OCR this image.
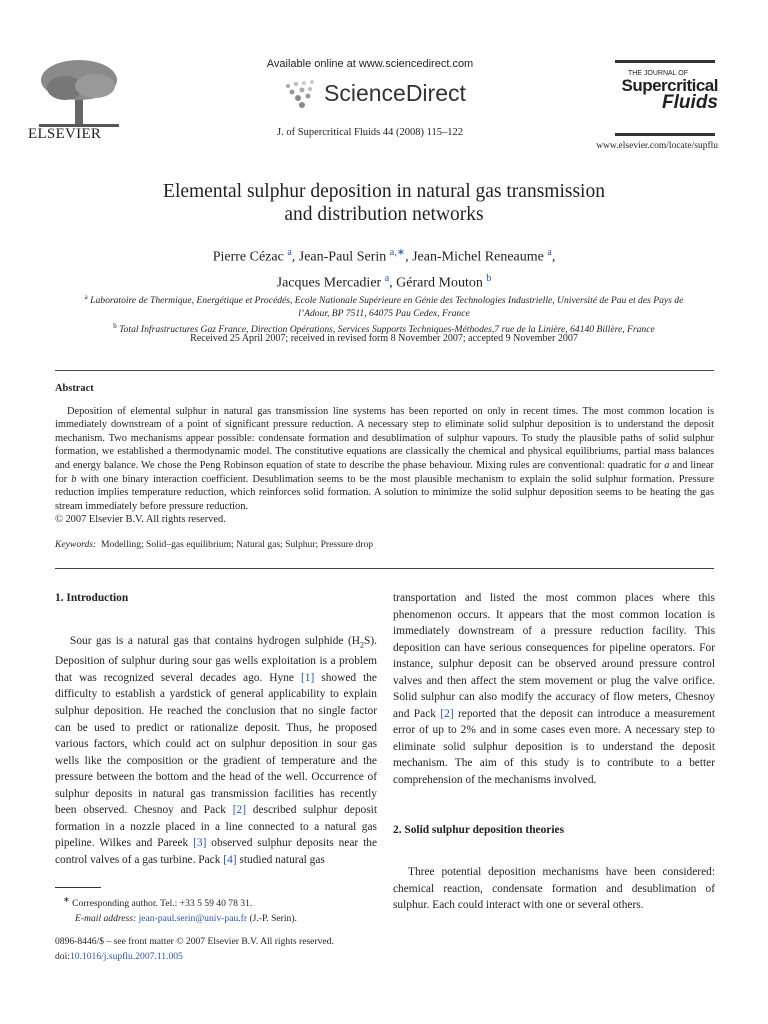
ELSEVIER
Available online at www.sciencedirect.com
ScienceDirect
J. of Supercritical Fluids 44 (2008) 115–122
THE JOURNAL OF
Supercritical
Fluids
www.elsevier.com/locate/supflu
Elemental sulphur deposition in natural gas transmission
and distribution networks
Pierre Cézac $^a$, Jean-Paul Serin $^{a,∗}$, Jean-Michel Reneaume $^a$,
Jacques Mercadier $^a$, Gérard Mouton $^b$
$^a$ Laboratoire de Thermique, Energétique et Procédés, Ecole Nationale Supérieure en Génie des Technologies Industrielle, Université de Pau et des Pays de
l’Adour, BP 7511, 64075 Pau Cedex, France
$^b$ Total Infrastructures Gaz France, Direction Opérations, Services Supports Techniques-Méthodes,7 rue de la Linière, 64140 Billère, France
Received 25 April 2007; received in revised form 8 November 2007; accepted 9 November 2007
Abstract
Deposition of elemental sulphur in natural gas transmission line systems has been reported on only in recent times. The most common location is immediately downstream of a point of significant pressure reduction. A necessary step to eliminate solid sulphur deposition is to understand the deposit mechanism. Two mechanisms appear possible: condensate formation and desublimation of sulphur vapours. To study the plausible paths of solid sulphur formation, we established a thermodynamic model. The constitutive equations are classically the chemical and physical equilibriums, partial mass balances and energy balance. We chose the Peng Robinson equation of state to describe the phase behaviour. Mixing rules are conventional: quadratic for a and linear for b with one binary interaction coefficient. Desublimation seems to be the most plausible mechanism to explain the solid sulphur formation. Pressure reduction implies temperature reduction, which reinforces solid formation. A solution to minimize the solid sulphur deposition seems to be heating the gas stream immediately before pressure reduction.
© 2007 Elsevier B.V. All rights reserved.
Keywords: Modelling; Solid–gas equilibrium; Natural gas; Sulphur; Pressure drop
1. Introduction

Sour gas is a natural gas that contains hydrogen sulphide $(H_2S)$. Deposition of sulphur during sour gas wells exploitation is a problem that was recognized several decades ago. Hyne [1] showed the difficulty to establish a yardstick of general applicability to explain sulphur deposition. He reached the conclusion that no single factor can be used to predict or rationalize deposit. Thus, he proposed various factors, which could act on sulphur deposition in sour gas wells like the composition or the gradient of temperature and the pressure between the bottom and the head of the well. Occurrence of sulphur deposits in natural gas transmission facilities has recently been observed. Chesnoy and Pack [2] described sulphur deposit formation in a nozzle placed in a line connected to a natural gas pipeline. Wilkes and Pareek [3] observed sulphur deposits near the control valves of a gas turbine. Pack [4] studied natural gas

transportation and listed the most common places where this phenomenon occurs. It appears that the most common location is immediately downstream of a pressure reduction facility. This deposition can have serious consequences for pipeline operators. For instance, sulphur deposit can be observed around pressure control valves and then affect the stem movement or plug the valve orifice. Solid sulphur can also modify the accuracy of flow meters, Chesnoy and Pack [2] reported that the deposit can introduce a measurement error of up to 2% and in some cases even more. A necessary step to eliminate solid sulphur deposition is to understand the deposit mechanism. The aim of this study is to contribute to a better comprehension of the mechanisms involved.

2. Solid sulphur deposition theories

Three potential deposition mechanisms have been considered: chemical reaction, condensate formation and desublimation of sulphur. Each could interact with one or several others.

∗ Corresponding author. Tel.: +33 5 59 40 78 31.
E-mail address: jean-paul.serin@univ-pau.fr (J.-P. Serin).
0896-8446/$ – see front matter © 2007 Elsevier B.V. All rights reserved.
doi:10.1016/j.supflu.2007.11.005
